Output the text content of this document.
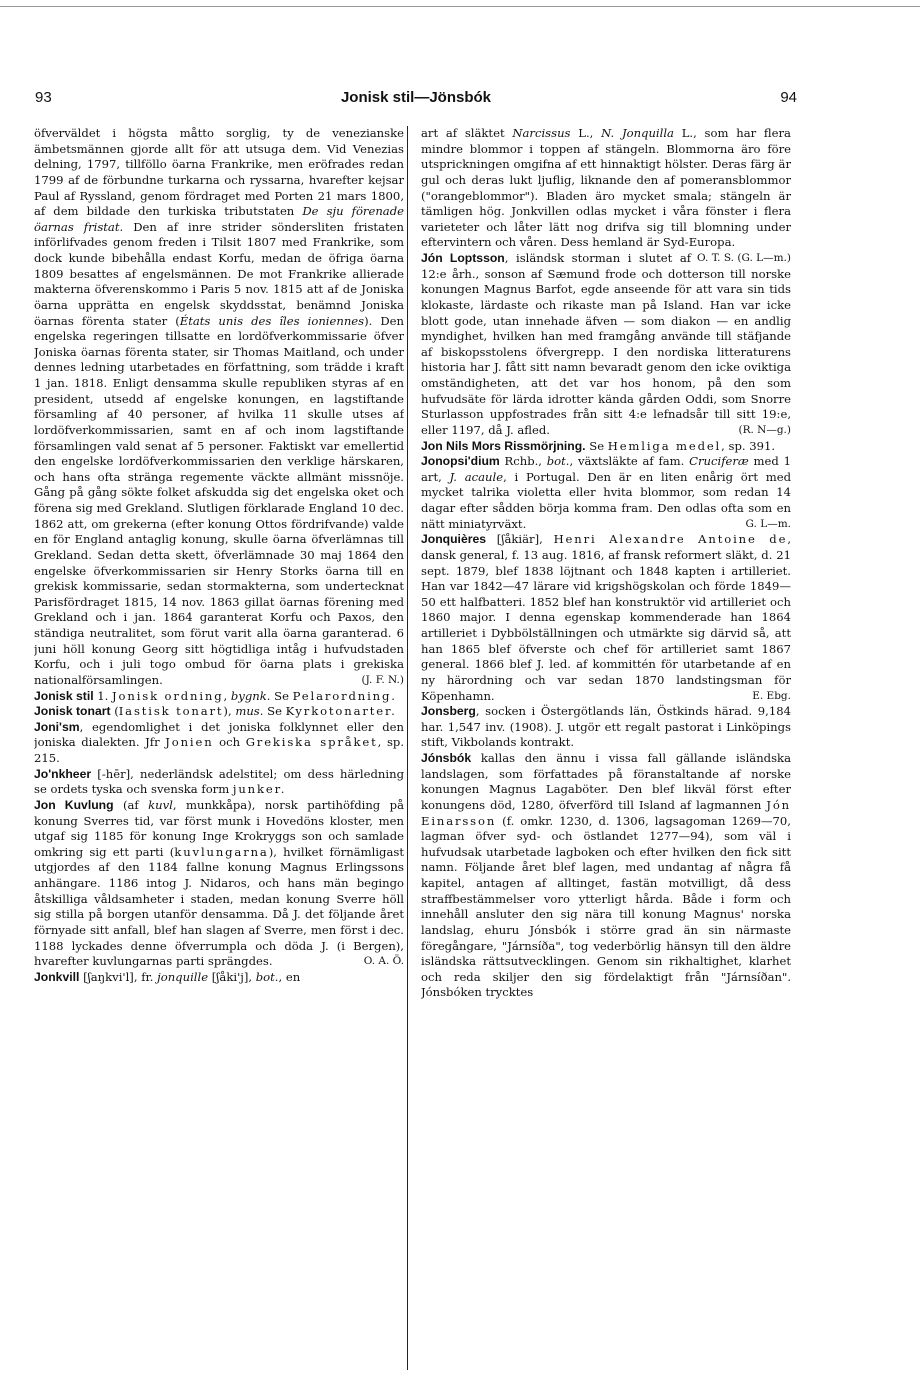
93	Jonisk stil—Jönsbók	94

öfverväldet i högsta måtto sorglig, ty de venezianske ämbetsmännen gjorde allt för att utsuga dem. Vid Venezias delning, 1797, tillföllo öarna Frankrike, men eröfrades redan 1799 af de förbundne turkarna och ryssarna, hvarefter kejsar Paul af Ryssland, genom fördraget med Porten 21 mars 1800, af dem bildade den turkiska tributstaten De sju förenade öarnas fristat. Den af inre strider söndersliten fristaten införlifvades genom freden i Tilsit 1807 med Frankrike, som dock kunde bibehålla endast Korfu, medan de öfriga öarna 1809 besattes af engelsmännen. De mot Frankrike allierade makterna öfverenskommo i Paris 5 nov. 1815 att af de Joniska öarna upprätta en engelsk skyddsstat, benämnd Joniska öarnas förenta stater (États unis des îles ioniennes). Den engelska regeringen tillsatte en lordöfverkommissarie öfver Joniska öarnas förenta stater, sir Thomas Maitland, och under dennes ledning utarbetades en författning, som trädde i kraft 1 jan. 1818. Enligt densamma skulle republiken styras af en president, utsedd af engelske konungen, en lagstiftande församling af 40 personer, af hvilka 11 skulle utses af lordöfverkommissarien, samt en af och inom lagstiftande församlingen vald senat af 5 personer. Faktiskt var emellertid den engelske lordöfverkommissarien den verklige härskaren, och hans ofta stränga regemente väckte allmänt missnöje. Gång på gång sökte folket afskudda sig det engelska oket och förena sig med Grekland. Slutligen förklarade England 10 dec. 1862 att, om grekerna (efter konung Ottos fördrifvande) valde en för England antaglig konung, skulle öarna öfverlämnas till Grekland. Sedan detta skett, öfverlämnade 30 maj 1864 den engelske öfverkommissarien sir Henry Storks öarna till en grekisk kommissarie, sedan stormakterna, som undertecknat Parisfördraget 1815, 14 nov. 1863 gillat öarnas förening med Grekland och i jan. 1864 garanterat Korfu och Paxos, den ständiga neutralitet, som förut varit alla öarna garanterad. 6 juni höll konung Georg sitt högtidliga intåg i hufvudstaden Korfu, och i juli togo ombud för öarna plats i grekiska nationalförsamlingen.	(J. F. N.)

Jonisk stil 1. Jonisk ordning, bygnk. Se Pelarordning.

Jonisk tonart (Iastisk tonart), mus. Se Kyrkotonarter.

Joni'sm, egendomlighet i det joniska folklynnet eller den joniska dialekten. Jfr Jonien och Grekiska språket, sp. 215.

Jo'nkheer [-hēr], nederländsk adelstitel; om dess härledning se ordets tyska och svenska form junker.

Jon Kuvlung (af kuvl, munkkåpa), norsk partihöfding på konung Sverres tid, var först munk i Hovedöns kloster, men utgaf sig 1185 för konung Inge Krokryggs son och samlade omkring sig ett parti (kuvlungarna), hvilket förnämligast utgjordes af den 1184 fallne konung Magnus Erlingssons anhängare. 1186 intog J. Nidaros, och hans män begingo åtskilliga våldsamheter i staden, medan konung Sverre höll sig stilla på borgen utanför densamma. Då J. det följande året förnyade sitt anfall, blef han slagen af Sverre, men först i dec. 1188 lyckades denne öfverrumpla och döda J. (i Bergen), hvarefter kuvlungarnas parti sprängdes.	O. A. Ö.

Jonkvill [ʃaŋkvi'l], fr. jonquille [ʃåki'j], bot., en

art af släktet Narcissus L., N. Jonquilla L., som har flera mindre blommor i toppen af stängeln. Blommorna äro före utsprickningen omgifna af ett hinnaktigt hölster. Deras färg är gul och deras lukt ljuflig, liknande den af pomeransblommor ("orangeblommor"). Bladen äro mycket smala; stängeln är tämligen hög. Jonkvillen odlas mycket i våra fönster i flera varieteter och låter lätt nog drifva sig till blomning under eftervintern och våren. Dess hemland är Syd-Europa.
O. T. S. (G. L—m.)

Jón Loptsson, isländsk storman i slutet af 12:e årh., sonson af Sæmund frode och dotterson till norske konungen Magnus Barfot, egde anseende för att vara sin tids klokaste, lärdaste och rikaste man på Island. Han var icke blott gode, utan innehade äfven — som diakon — en andlig myndighet, hvilken han med framgång använde till stäfjande af biskopsstolens öfvergrepp. I den nordiska litteraturens historia har J. fått sitt namn bevaradt genom den icke oviktiga omständigheten, att det var hos honom, på den som hufvudsäte för lärda idrotter kända gården Oddi, som Snorre Sturlasson uppfostrades från sitt 4:e lefnadsår till sitt 19:e, eller 1197, då J. afled.	(R. N—g.)

Jon Nils Mors Rissmörjning. Se Hemliga medel, sp. 391.

Jonopsi'dium Rchb., bot., växtsläkte af fam. Cruciferæ med 1 art, J. acaule, i Portugal. Den är en liten enårig ört med mycket talrika violetta eller hvita blommor, som redan 14 dagar efter sådden börja komma fram. Den odlas ofta som en nätt miniatyrväxt.	G. L—m.

Jonquières [ʃåkiär], Henri Alexandre Antoine de, dansk general, f. 13 aug. 1816, af fransk reformert släkt, d. 21 sept. 1879, blef 1838 löjtnant och 1848 kapten i artilleriet. Han var 1842—47 lärare vid krigshögskolan och förde 1849—50 ett halfbatteri. 1852 blef han konstruktör vid artilleriet och 1860 major. I denna egenskap kommenderade han 1864 artilleriet i Dybbölställningen och utmärkte sig därvid så, att han 1865 blef öfverste och chef för artilleriet samt 1867 general. 1866 blef J. led. af kommittén för utarbetande af en ny härordning och var sedan 1870 landstingsman för Köpenhamn.	E. Ebg.

Jonsberg, socken i Östergötlands län, Östkinds härad. 9,184 har. 1,547 inv. (1908). J. utgör ett regalt pastorat i Linköpings stift, Vikbolands kontrakt.

Jónsbók kallas den ännu i vissa fall gällande isländska landslagen, som författades på föranstaltande af norske konungen Magnus Lagaböter. Den blef likväl först efter konungens död, 1280, öfverförd till Island af lagmannen Jón Einarsson (f. omkr. 1230, d. 1306, lagsagoman 1269—70, lagman öfver syd- och östlandet 1277—94), som väl i hufvudsak utarbetade lagboken och efter hvilken den fick sitt namn. Följande året blef lagen, med undantag af några få kapitel, antagen af alltinget, fastän motvilligt, då dess straffbestämmelser voro ytterligt hårda. Både i form och innehåll ansluter den sig nära till konung Magnus' norska landslag, ehuru Jónsbók i större grad än sin närmaste föregångare, "Járnsíða", tog vederbörlig hänsyn till den äldre isländska rättsutvecklingen. Genom sin rikhaltighet, klarhet och reda skiljer den sig fördelaktigt från "Járnsíðan". Jónsbóken trycktes
